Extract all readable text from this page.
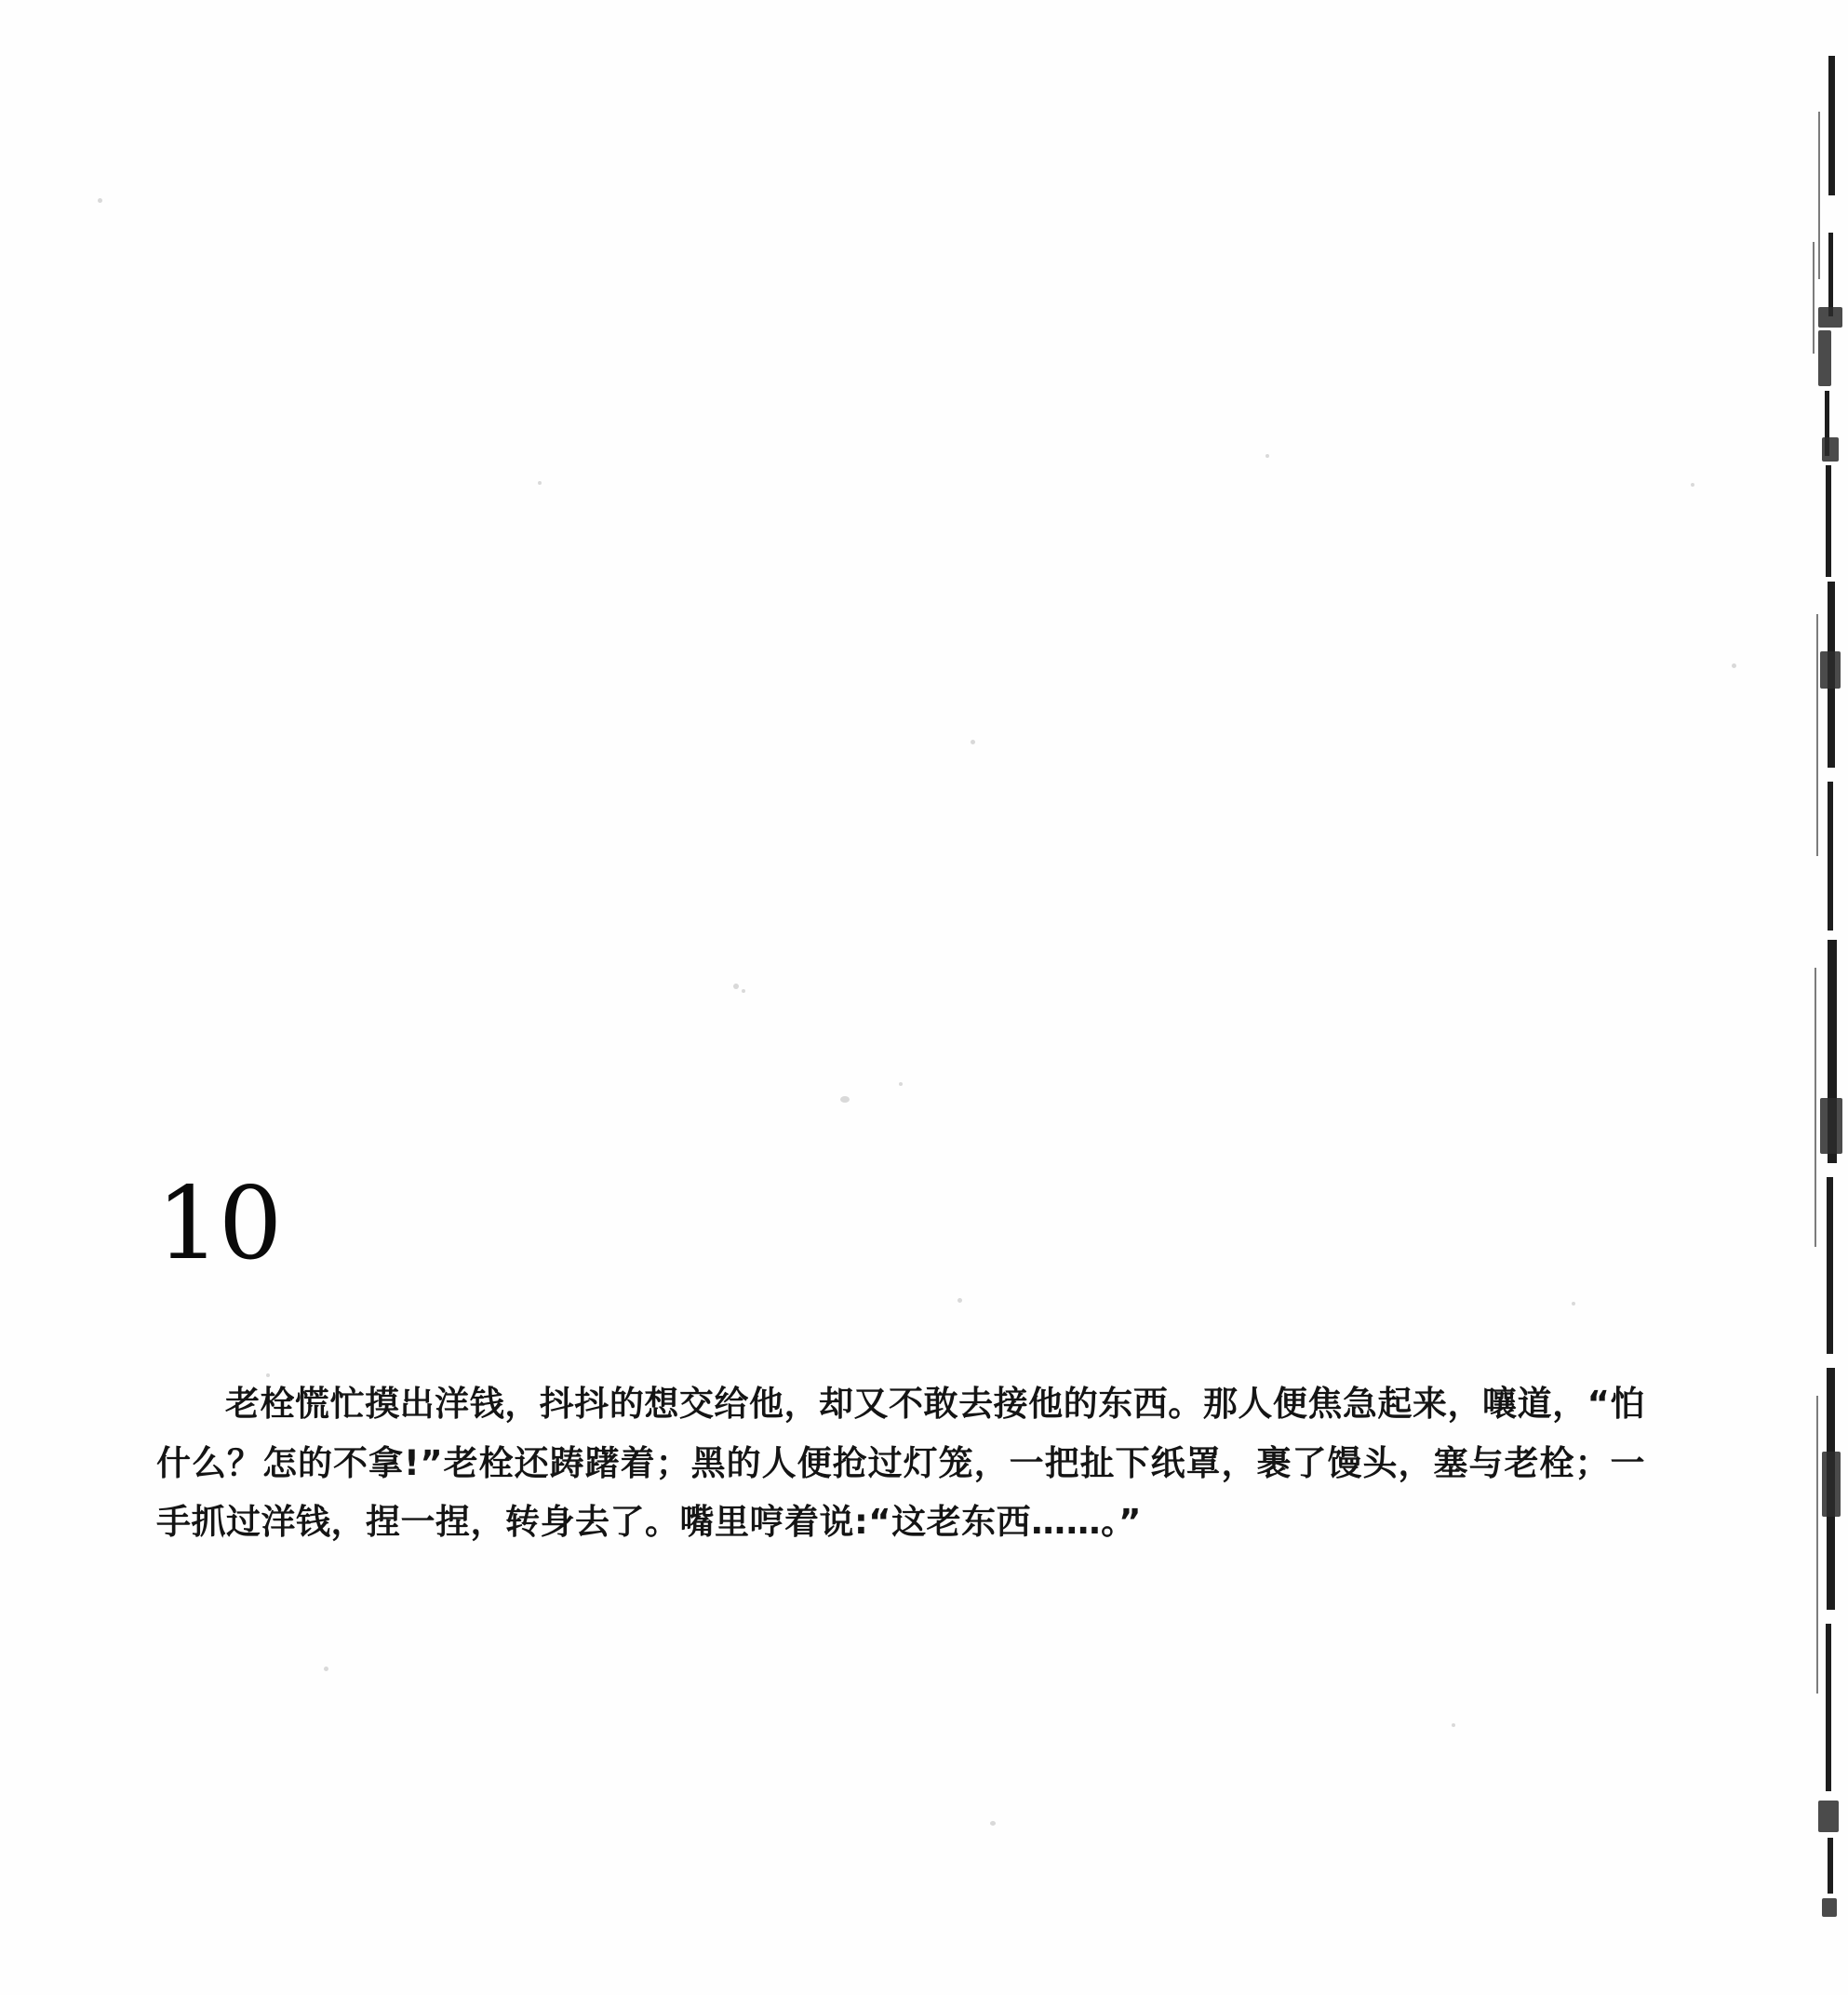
10

老栓慌忙摸出洋钱，抖抖的想交给他，却又不敢去接他的东西。那人便焦急起来，嚷道，“怕什么？怎的不拿!”老栓还踌躇着；黑的人便抢过灯笼，一把扯下纸罩，裹了馒头，塞与老栓；一手抓过洋钱，捏一捏，转身去了。嘴里哼着说:“这老东西……。”
